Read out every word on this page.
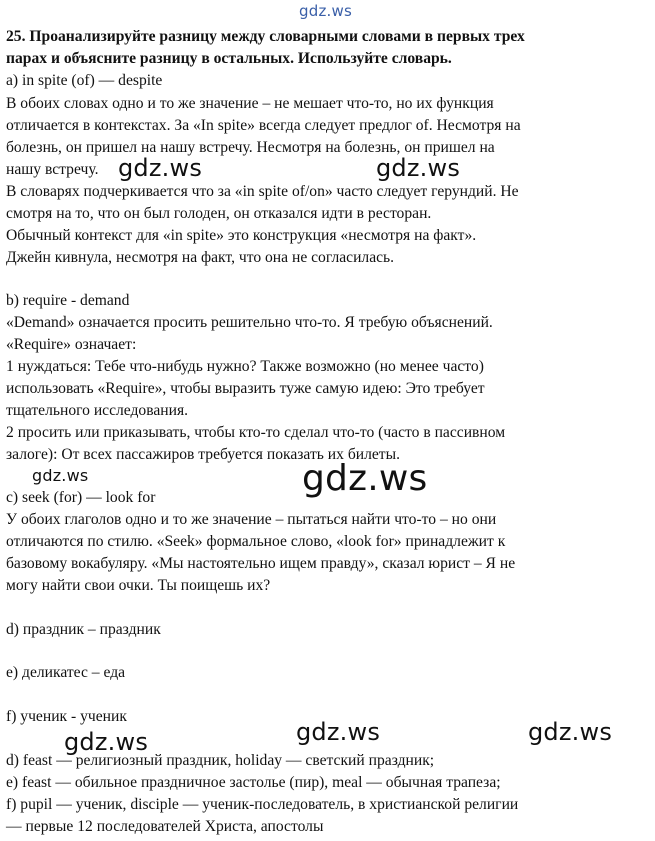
25. Проанализируйте разницу между словарными словами в первых трех
парах и объясните разницу в остальных. Используйте словарь.
a) in spite (of) — despite
В обоих словах одно и то же значение – не мешает что-то, но их функция
отличается в контекстах. За «In spite» всегда следует предлог of. Несмотря на
болезнь, он пришел на нашу встречу. Несмотря на болезнь, он пришел на
нашу встречу.
В словарях подчеркивается что за «in spite of/on» часто следует герундий. Не
смотря на то, что он был голоден, он отказался идти в ресторан.
Обычный контекст для «in spite» это конструкция «несмотря на факт».
Джейн кивнула, несмотря на факт, что она не согласилась.
b) require - demand
«Demand» означается просить решительно что-то. Я требую объяснений.
«Require» означает:
1 нуждаться: Тебе что-нибудь нужно? Также возможно (но менее часто)
использовать «Require», чтобы выразить туже самую идею: Это требует
тщательного исследования.
2 просить или приказывать, чтобы кто-то сделал что-то (часто в пассивном
залоге): От всех пассажиров требуется показать их билеты.
c) seek (for) — look for
У обоих глаголов одно и то же значение – пытаться найти что-то – но они
отличаются по стилю. «Seek» формальное слово, «look for» принадлежит к
базовому вокабуляру. «Мы настоятельно ищем правду», сказал юрист – Я не
могу найти свои очки. Ты поищешь их?
d) праздник – праздник
e) деликатес – еда
f) ученик - ученик
d) feast — религиозный праздник, holiday — светский праздник;
e) feast — обильное праздничное застолье (пир), meal — обычная трапеза;
f) pupil — ученик, disciple — ученик-последователь, в христианской религии
— первые 12 последователей Христа, апостолы
gdz.ws
gdz.ws	gdz.ws
gdz.ws	gdz.ws
gdz.ws	gdz.ws	gdz.ws
